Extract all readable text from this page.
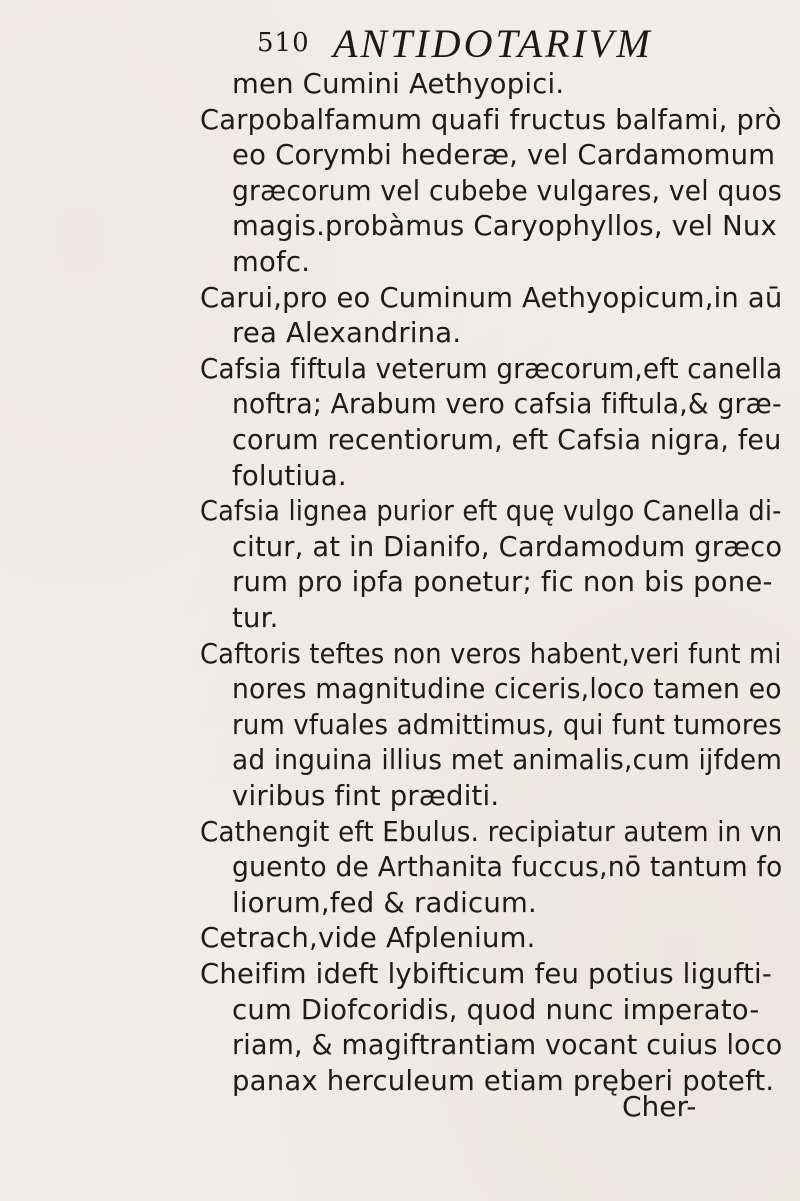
510 ANTIDOTARIVM
men Cumini Aethyopici.
Carpobalfamum quafi fructus balfami, prò
eo Corymbi hederæ, vel Cardamomum
græcorum vel cubebe vulgares, vel quos
magis.probàmus Caryophyllos, vel Nux
mofc.
Carui,pro eo Cuminum Aethyopicum,in aū
rea Alexandrina.
Cafsia fiftula veterum græcorum,eft canella
noftra; Arabum vero cafsia fiftula,& græ-
corum recentiorum, eft Cafsia nigra, feu
folutiua.
Cafsia lignea purior eft quę vulgo Canella di-
citur, at in Dianifo, Cardamodum græco
rum pro ipfa ponetur; fic non bis pone-
tur.
Caftoris teftes non veros habent,veri funt mi
nores magnitudine ciceris,loco tamen eo
rum vfuales admittimus, qui funt tumores
ad inguina illius met animalis,cum ijfdem
viribus fint præditi.
Cathengit eft Ebulus. recipiatur autem in vn
guento de Arthanita fuccus,nō tantum fo
liorum,fed & radicum.
Cetrach,vide Afplenium.
Cheifim ideft lybifticum feu potius ligufti-
cum Diofcoridis, quod nunc imperato-
riam, & magiftrantiam vocant cuius loco
panax herculeum etiam pręberi poteft.
Cher-
